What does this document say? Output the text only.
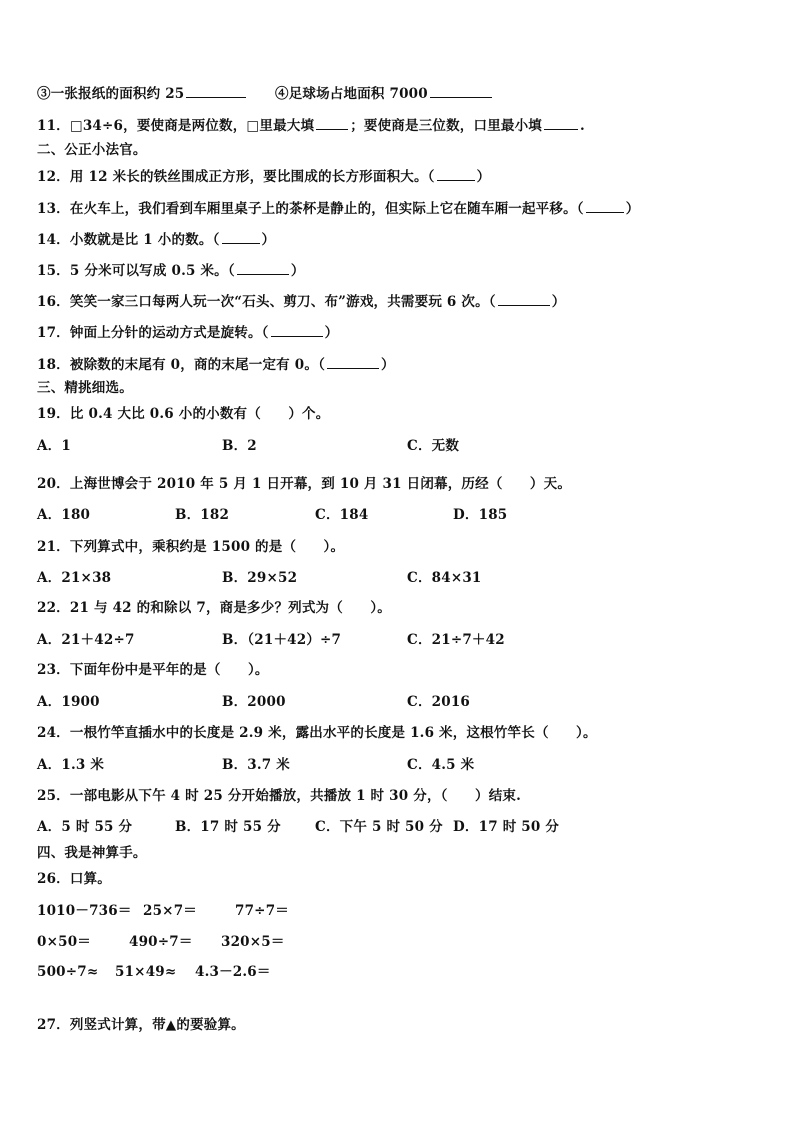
③一张报纸的面积约 25	④足球场占地面积 7000
11．□34÷6，要使商是两位数，□里最大填	；要使商是三位数，口里最小填	.
二、公正小法官。
12．用 12 米长的铁丝围成正方形，要比围成的长方形面积大。（	）
13．在火车上，我们看到车厢里桌子上的茶杯是静止的，但实际上它在随车厢一起平移。（	）
14．小数就是比 1 小的数。（	）
15．5 分米可以写成 0.5 米。（	）
16．笑笑一家三口每两人玩一次“石头、剪刀、布”游戏，共需要玩 6 次。（	）
17．钟面上分针的运动方式是旋转。（	）
18．被除数的末尾有 0，商的末尾一定有 0。（	）
三、精挑细选。
19．比 0.4 大比 0.6 小的小数有（　　）个。
A．1	B．2	C．无数
20．上海世博会于 2010 年 5 月 1 日开幕，到 10 月 31 日闭幕，历经（　　）天。
A．180	B．182	C．184	D．185
21．下列算式中，乘积约是 1500 的是（　　）。
A．21×38	B．29×52	C．84×31
22．21 与 42 的和除以 7，商是多少？列式为（　　）。
A．21＋42÷7	B．（21＋42）÷7	C．21÷7＋42
23．下面年份中是平年的是（　　）。
A．1900	B．2000	C．2016
24．一根竹竿直插水中的长度是 2.9 米，露出水平的长度是 1.6 米，这根竹竿长（　　）。
A．1.3 米	B．3.7 米	C．4.5 米
25．一部电影从下午 4 时 25 分开始播放，共播放 1 时 30 分，（　　）结束.
A．5 时 55 分	B．17 时 55 分	C．下午 5 时 50 分 D．17 时 50 分
四、我是神算手。
26．口算。
1010－736＝ 25×7＝	77÷7＝
0×50＝	490÷7＝ 320×5＝
500÷7≈ 51×49≈ 4.3－2.6＝
27．列竖式计算，带▲的要验算。
